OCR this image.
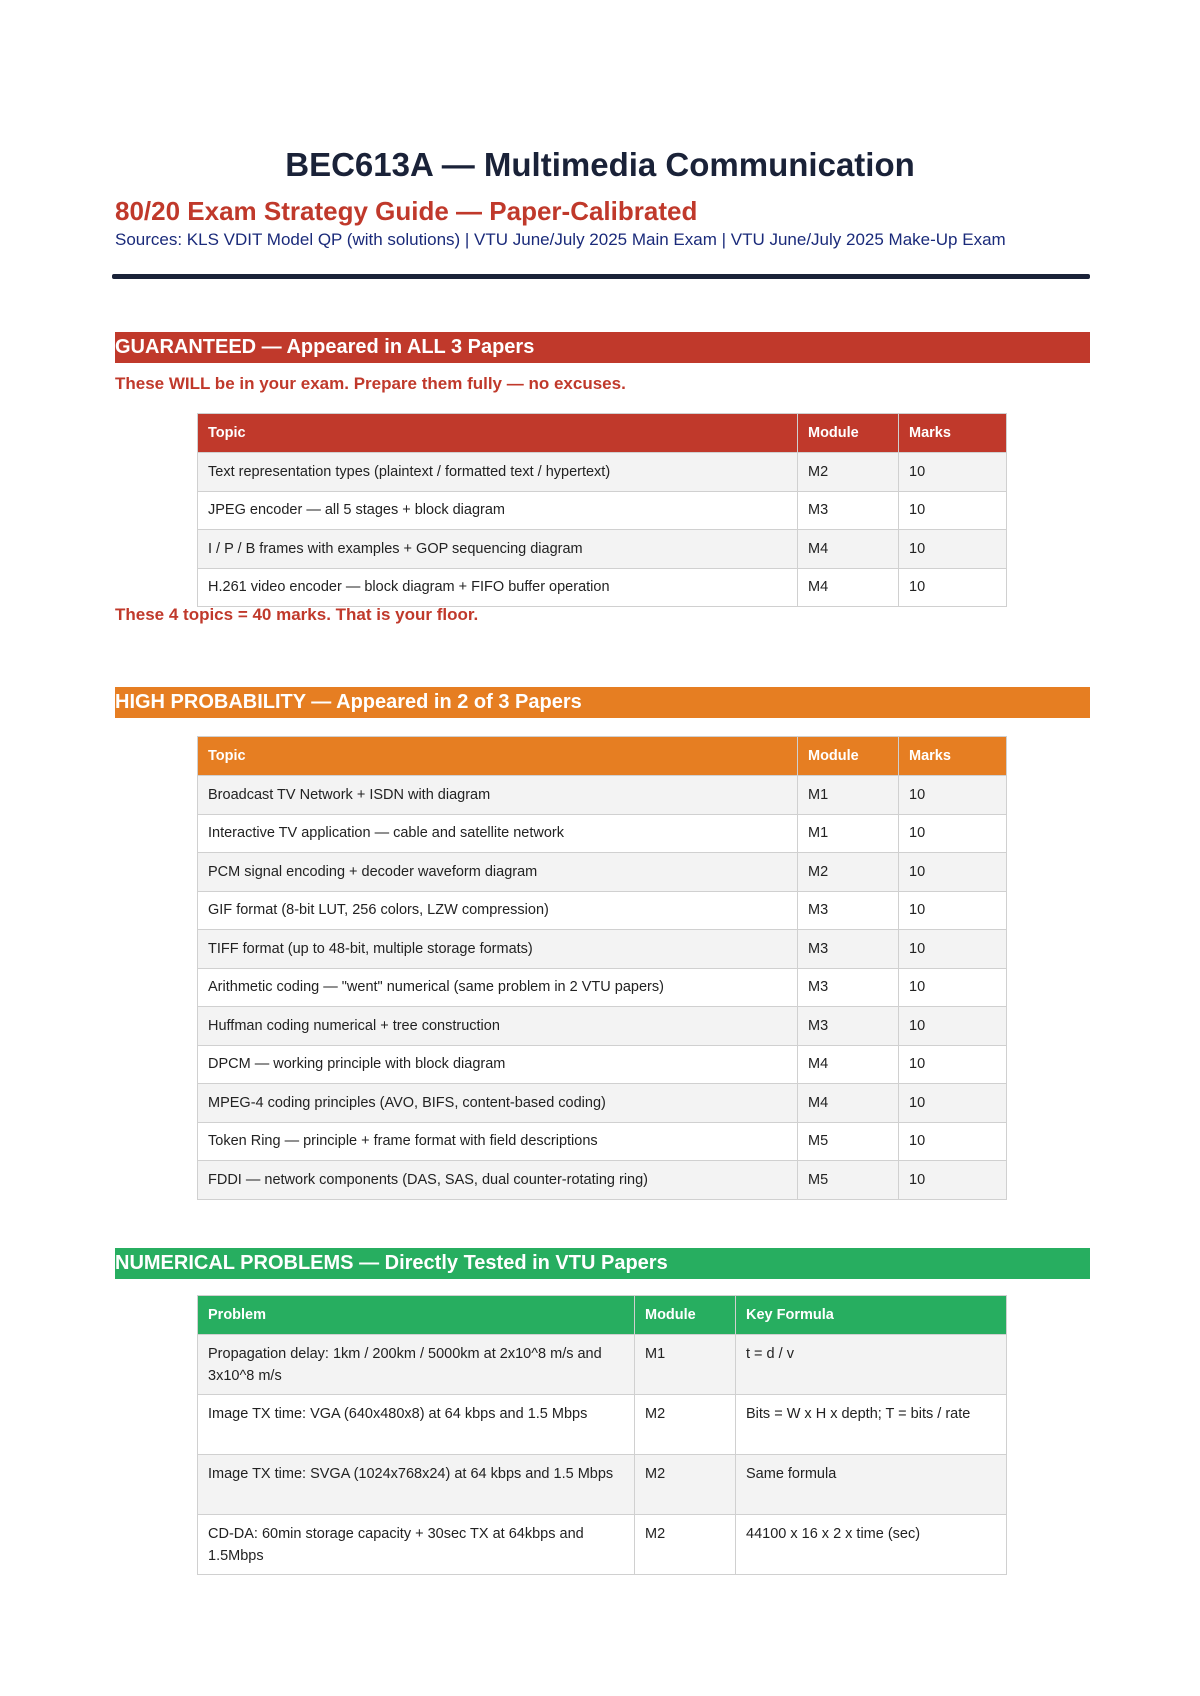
BEC613A — Multimedia Communication
80/20 Exam Strategy Guide — Paper-Calibrated
Sources: KLS VDIT Model QP (with solutions) | VTU June/July 2025 Main Exam | VTU June/July 2025 Make-Up Exam
GUARANTEED — Appeared in ALL 3 Papers
These WILL be in your exam. Prepare them fully — no excuses.
Topic	Module	Marks
Text representation types (plaintext / formatted text / hypertext)	M2	10
JPEG encoder — all 5 stages + block diagram	M3	10
I / P / B frames with examples + GOP sequencing diagram	M4	10
H.261 video encoder — block diagram + FIFO buffer operation	M4	10
These 4 topics = 40 marks. That is your floor.
HIGH PROBABILITY — Appeared in 2 of 3 Papers
Topic	Module	Marks
Broadcast TV Network + ISDN with diagram	M1	10
Interactive TV application — cable and satellite network	M1	10
PCM signal encoding + decoder waveform diagram	M2	10
GIF format (8-bit LUT, 256 colors, LZW compression)	M3	10
TIFF format (up to 48-bit, multiple storage formats)	M3	10
Arithmetic coding — "went" numerical (same problem in 2 VTU papers)	M3	10
Huffman coding numerical + tree construction	M3	10
DPCM — working principle with block diagram	M4	10
MPEG-4 coding principles (AVO, BIFS, content-based coding)	M4	10
Token Ring — principle + frame format with field descriptions	M5	10
FDDI — network components (DAS, SAS, dual counter-rotating ring)	M5	10
NUMERICAL PROBLEMS — Directly Tested in VTU Papers
Problem	Module	Key Formula
Propagation delay: 1km / 200km / 5000km at 2x10^8 m/s and 3x10^8 m/s	M1	t = d / v
Image TX time: VGA (640x480x8) at 64 kbps and 1.5 Mbps	M2	Bits = W x H x depth; T = bits / rate
Image TX time: SVGA (1024x768x24) at 64 kbps and 1.5 Mbps	M2	Same formula
CD-DA: 60min storage capacity + 30sec TX at 64kbps and 1.5Mbps	M2	44100 x 16 x 2 x time (sec)
